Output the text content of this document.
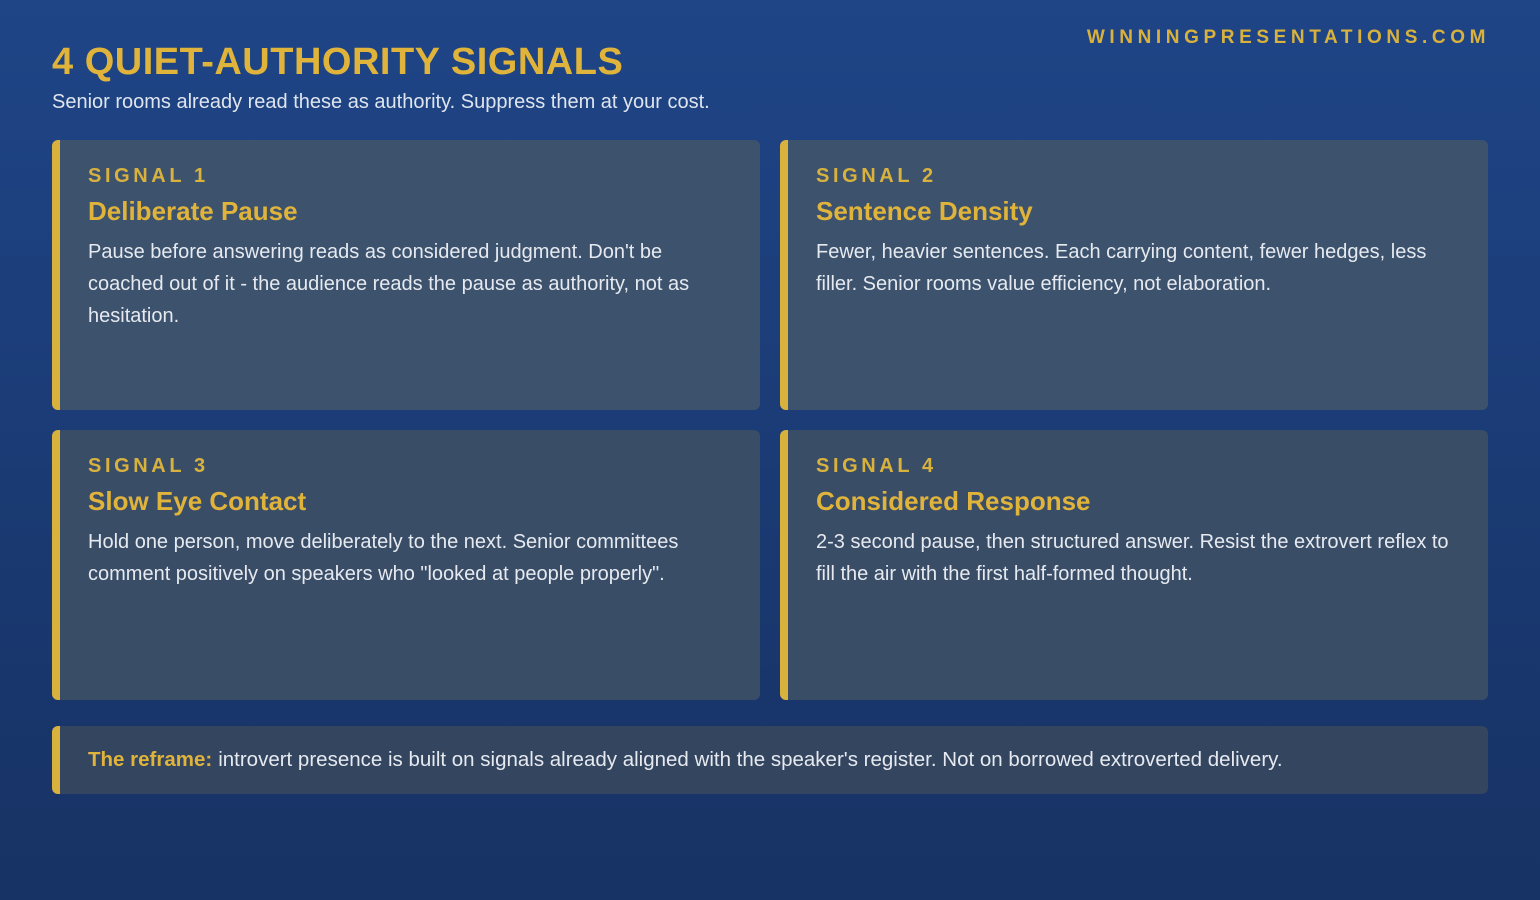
WINNINGPRESENTATIONS.COM
4 QUIET-AUTHORITY SIGNALS
Senior rooms already read these as authority. Suppress them at your cost.
SIGNAL 1
Deliberate Pause
Pause before answering reads as considered judgment. Don't be coached out of it - the audience reads the pause as authority, not as hesitation.
SIGNAL 2
Sentence Density
Fewer, heavier sentences. Each carrying content, fewer hedges, less filler. Senior rooms value efficiency, not elaboration.
SIGNAL 3
Slow Eye Contact
Hold one person, move deliberately to the next. Senior committees comment positively on speakers who "looked at people properly".
SIGNAL 4
Considered Response
2-3 second pause, then structured answer. Resist the extrovert reflex to fill the air with the first half-formed thought.
The reframe: introvert presence is built on signals already aligned with the speaker's register. Not on borrowed extroverted delivery.
